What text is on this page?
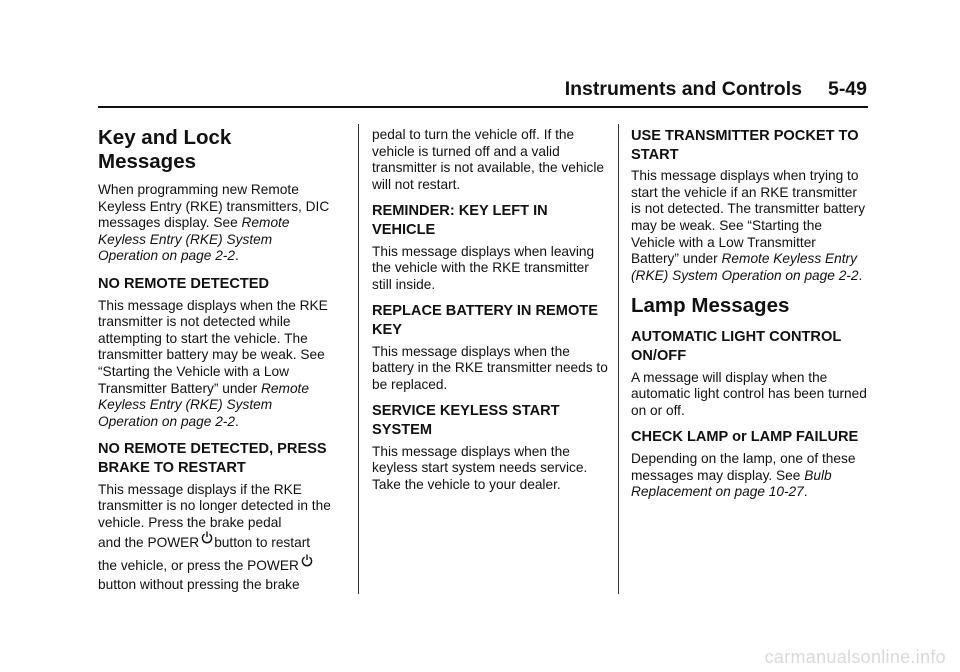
Instruments and Controls 5-49
Key and Lock Messages

When programming new Remote Keyless Entry (RKE) transmitters, DIC messages display. See Remote Keyless Entry (RKE) System Operation on page 2-2.

NO REMOTE DETECTED

This message displays when the RKE transmitter is not detected while attempting to start the vehicle. The transmitter battery may be weak. See “Starting the Vehicle with a Low Transmitter Battery” under Remote Keyless Entry (RKE) System Operation on page 2-2.

NO REMOTE DETECTED, PRESS BRAKE TO RESTART

This message displays if the RKE transmitter is no longer detected in the vehicle. Press the brake pedal
and the POWER button to restart
the vehicle, or press the POWER

button without pressing the brake

pedal to turn the vehicle off. If the vehicle is turned off and a valid transmitter is not available, the vehicle will not restart.

REMINDER: KEY LEFT IN VEHICLE

This message displays when leaving the vehicle with the RKE transmitter still inside.

REPLACE BATTERY IN REMOTE KEY

This message displays when the battery in the RKE transmitter needs to be replaced.

SERVICE KEYLESS START SYSTEM

This message displays when the keyless start system needs service. Take the vehicle to your dealer.

USE TRANSMITTER POCKET TO START

This message displays when trying to start the vehicle if an RKE transmitter is not detected. The transmitter battery may be weak. See “Starting the Vehicle with a Low Transmitter Battery” under Remote Keyless Entry (RKE) System Operation on page 2-2.

Lamp Messages
AUTOMATIC LIGHT CONTROL ON/OFF

A message will display when the automatic light control has been turned on or off.

CHECK LAMP or LAMP FAILURE

Depending on the lamp, one of these messages may display. See Bulb Replacement on page 10-27.

carmanualsonline.info
